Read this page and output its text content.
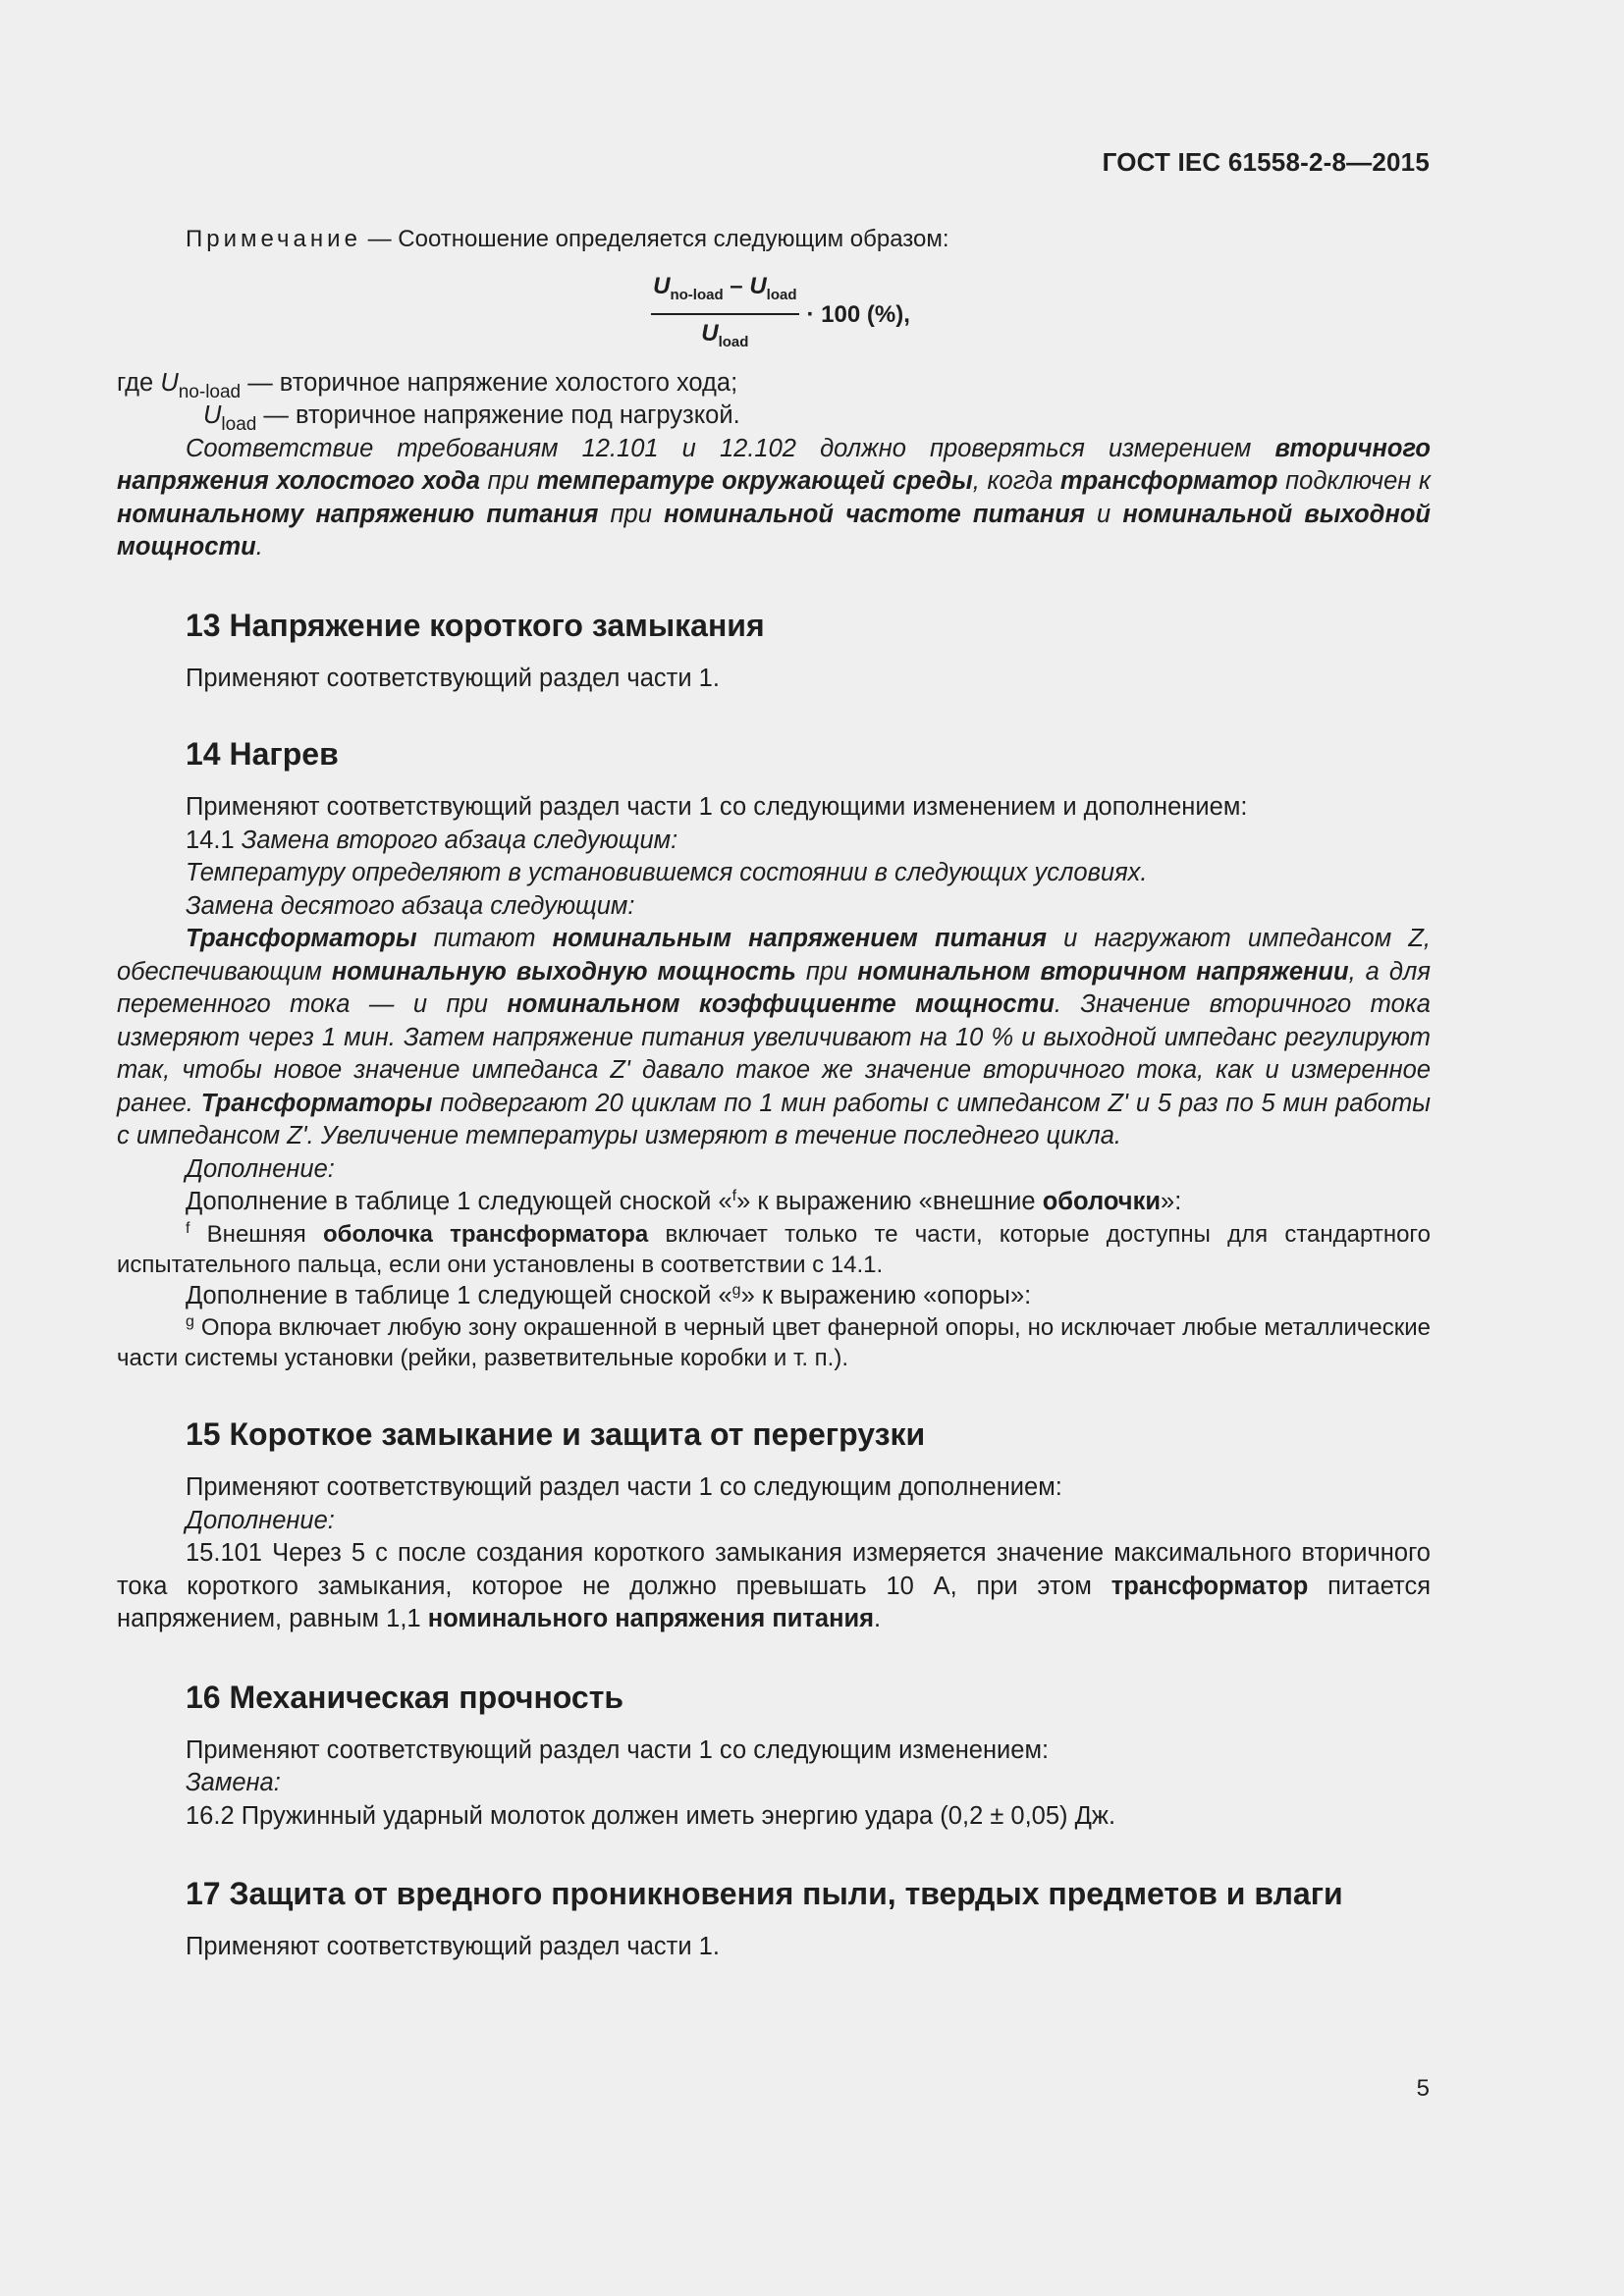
ГОСТ IEC 61558-2-8—2015

Примечание — Соотношение определяется следующим образом:

$\frac{U_{no-load} - U_{load}}{U_{load}} \cdot 100$ (%),

где $U_{no-load}$ — вторичное напряжение холостого хода;

$U_{load}$ — вторичное напряжение под нагрузкой.

Соответствие требованиям 12.101 и 12.102 должно проверяться измерением вторичного напряжения холостого хода при температуре окружающей среды, когда трансформатор подключен к номинальному напряжению питания при номинальной частоте питания и номинальной выходной мощности.

13 Напряжение короткого замыкания

Применяют соответствующий раздел части 1.

14 Нагрев

Применяют соответствующий раздел части 1 со следующими изменением и дополнением:

14.1 Замена второго абзаца следующим:

Температуру определяют в установившемся состоянии в следующих условиях.

Замена десятого абзаца следующим:

Трансформаторы питают номинальным напряжением питания и нагружают импедансом Z, обеспечивающим номинальную выходную мощность при номинальном вторичном напряжении, а для переменного тока — и при номинальном коэффициенте мощности. Значение вторичного тока измеряют через 1 мин. Затем напряжение питания увеличивают на 10 % и выходной импеданс регулируют так, чтобы новое значение импеданса Z' давало такое же значение вторичного тока, как и измеренное ранее. Трансформаторы подвергают 20 циклам по 1 мин работы с импедансом Z' и 5 раз по 5 мин работы с импедансом Z'. Увеличение температуры измеряют в течение последнего цикла.

Дополнение:

Дополнение в таблице 1 следующей сноской «$^f$» к выражению «внешние оболочки»:

$^f$ Внешняя оболочка трансформатора включает только те части, которые доступны для стандартного испытательного пальца, если они установлены в соответствии с 14.1.

Дополнение в таблице 1 следующей сноской «$^g$» к выражению «опоры»:

$^g$ Опора включает любую зону окрашенной в черный цвет фанерной опоры, но исключает любые металлические части системы установки (рейки, разветвительные коробки и т. п.).

15 Короткое замыкание и защита от перегрузки

Применяют соответствующий раздел части 1 со следующим дополнением:

Дополнение:

15.101 Через 5 с после создания короткого замыкания измеряется значение максимального вторичного тока короткого замыкания, которое не должно превышать 10 А, при этом трансформатор питается напряжением, равным 1,1 номинального напряжения питания.

16 Механическая прочность

Применяют соответствующий раздел части 1 со следующим изменением:

Замена:

16.2 Пружинный ударный молоток должен иметь энергию удара (0,2 ± 0,05) Дж.

17 Защита от вредного проникновения пыли, твердых предметов и влаги

Применяют соответствующий раздел части 1.

5
